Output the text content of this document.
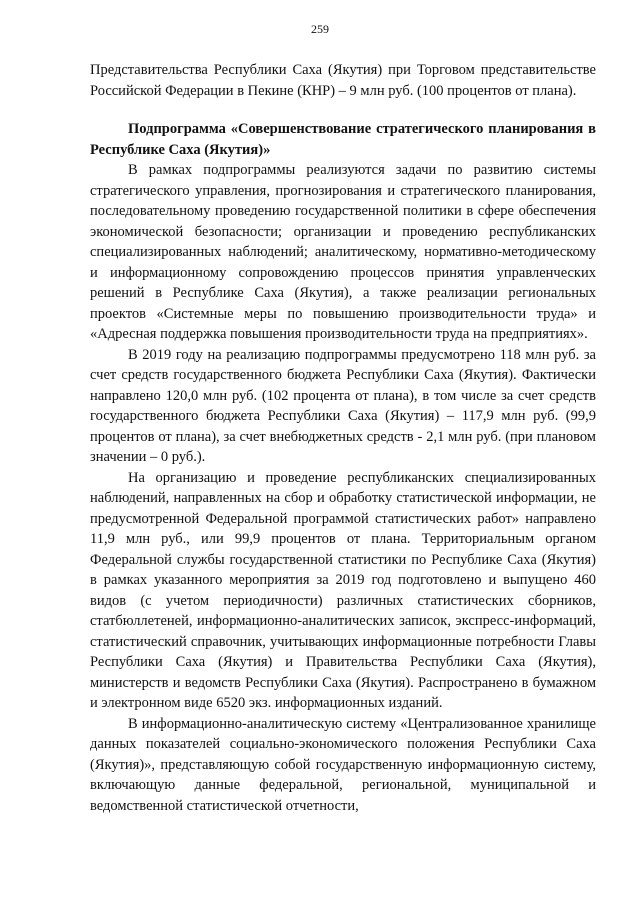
259

Представительства Республики Саха (Якутия) при Торговом представительстве Российской Федерации в Пекине (КНР) – 9 млн руб. (100 процентов от плана).

Подпрограмма «Совершенствование стратегического планирования в Республике Саха (Якутия)»

В рамках подпрограммы реализуются задачи по развитию системы стратегического управления, прогнозирования и стратегического планирования, последовательному проведению государственной политики в сфере обеспечения экономической безопасности; организации и проведению республиканских специализированных наблюдений; аналитическому, нормативно-методическому и информационному сопровождению процессов принятия управленческих решений в Республике Саха (Якутия), а также реализации региональных проектов «Системные меры по повышению производительности труда» и «Адресная поддержка повышения производительности труда на предприятиях».

В 2019 году на реализацию подпрограммы предусмотрено 118 млн руб. за счет средств государственного бюджета Республики Саха (Якутия). Фактически направлено 120,0 млн руб. (102 процента от плана), в том числе за счет средств государственного бюджета Республики Саха (Якутия) – 117,9 млн руб. (99,9 процентов от плана), за счет внебюджетных средств - 2,1 млн руб. (при плановом значении – 0 руб.).

На организацию и проведение республиканских специализированных наблюдений, направленных на сбор и обработку статистической информации, не предусмотренной Федеральной программой статистических работ» направлено 11,9 млн руб., или 99,9 процентов от плана. Территориальным органом Федеральной службы государственной статистики по Республике Саха (Якутия) в рамках указанного мероприятия за 2019 год подготовлено и выпущено 460 видов (с учетом периодичности) различных статистических сборников, статбюллетеней, информационно-аналитических записок, экспресс-информаций, статистический справочник, учитывающих информационные потребности Главы Республики Саха (Якутия) и Правительства Республики Саха (Якутия), министерств и ведомств Республики Саха (Якутия). Распространено в бумажном и электронном виде 6520 экз. информационных изданий.

В информационно-аналитическую систему «Централизованное хранилище данных показателей социально-экономического положения Республики Саха (Якутия)», представляющую собой государственную информационную систему, включающую данные федеральной, региональной, муниципальной и ведомственной статистической отчетности,
